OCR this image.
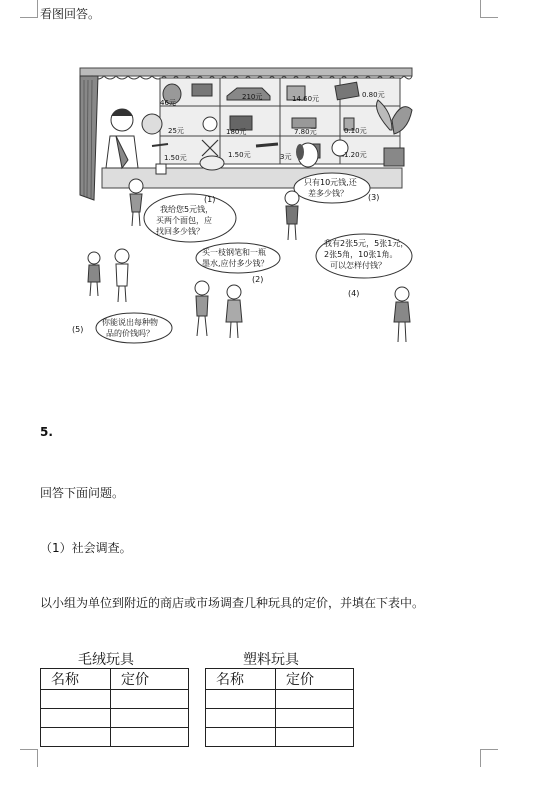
看图回答。
46元
210元	14.60元	0.80元
25元	180元	7.80元	0.10元
1.50元	1.50元	3元	1.20元
我给您5元钱，
买两个面包，应
找回多少钱？
(1)
只有10元钱,还
差多少钱？	(3)
买一枝钢笔和一瓶
墨水,应付多少钱？
(2)
我有2张5元，5张1元，
2张5角，10张1角。
可以怎样付钱？
(4)
你能说出每种物
品的价钱吗？
(5)
5.
回答下面问题。
（1）社会调查。
以小组为单位到附近的商店或市场调查几种玩具的定价，并填在下表中。
毛绒玩具
名称	定价

塑料玩具
名称	定价
